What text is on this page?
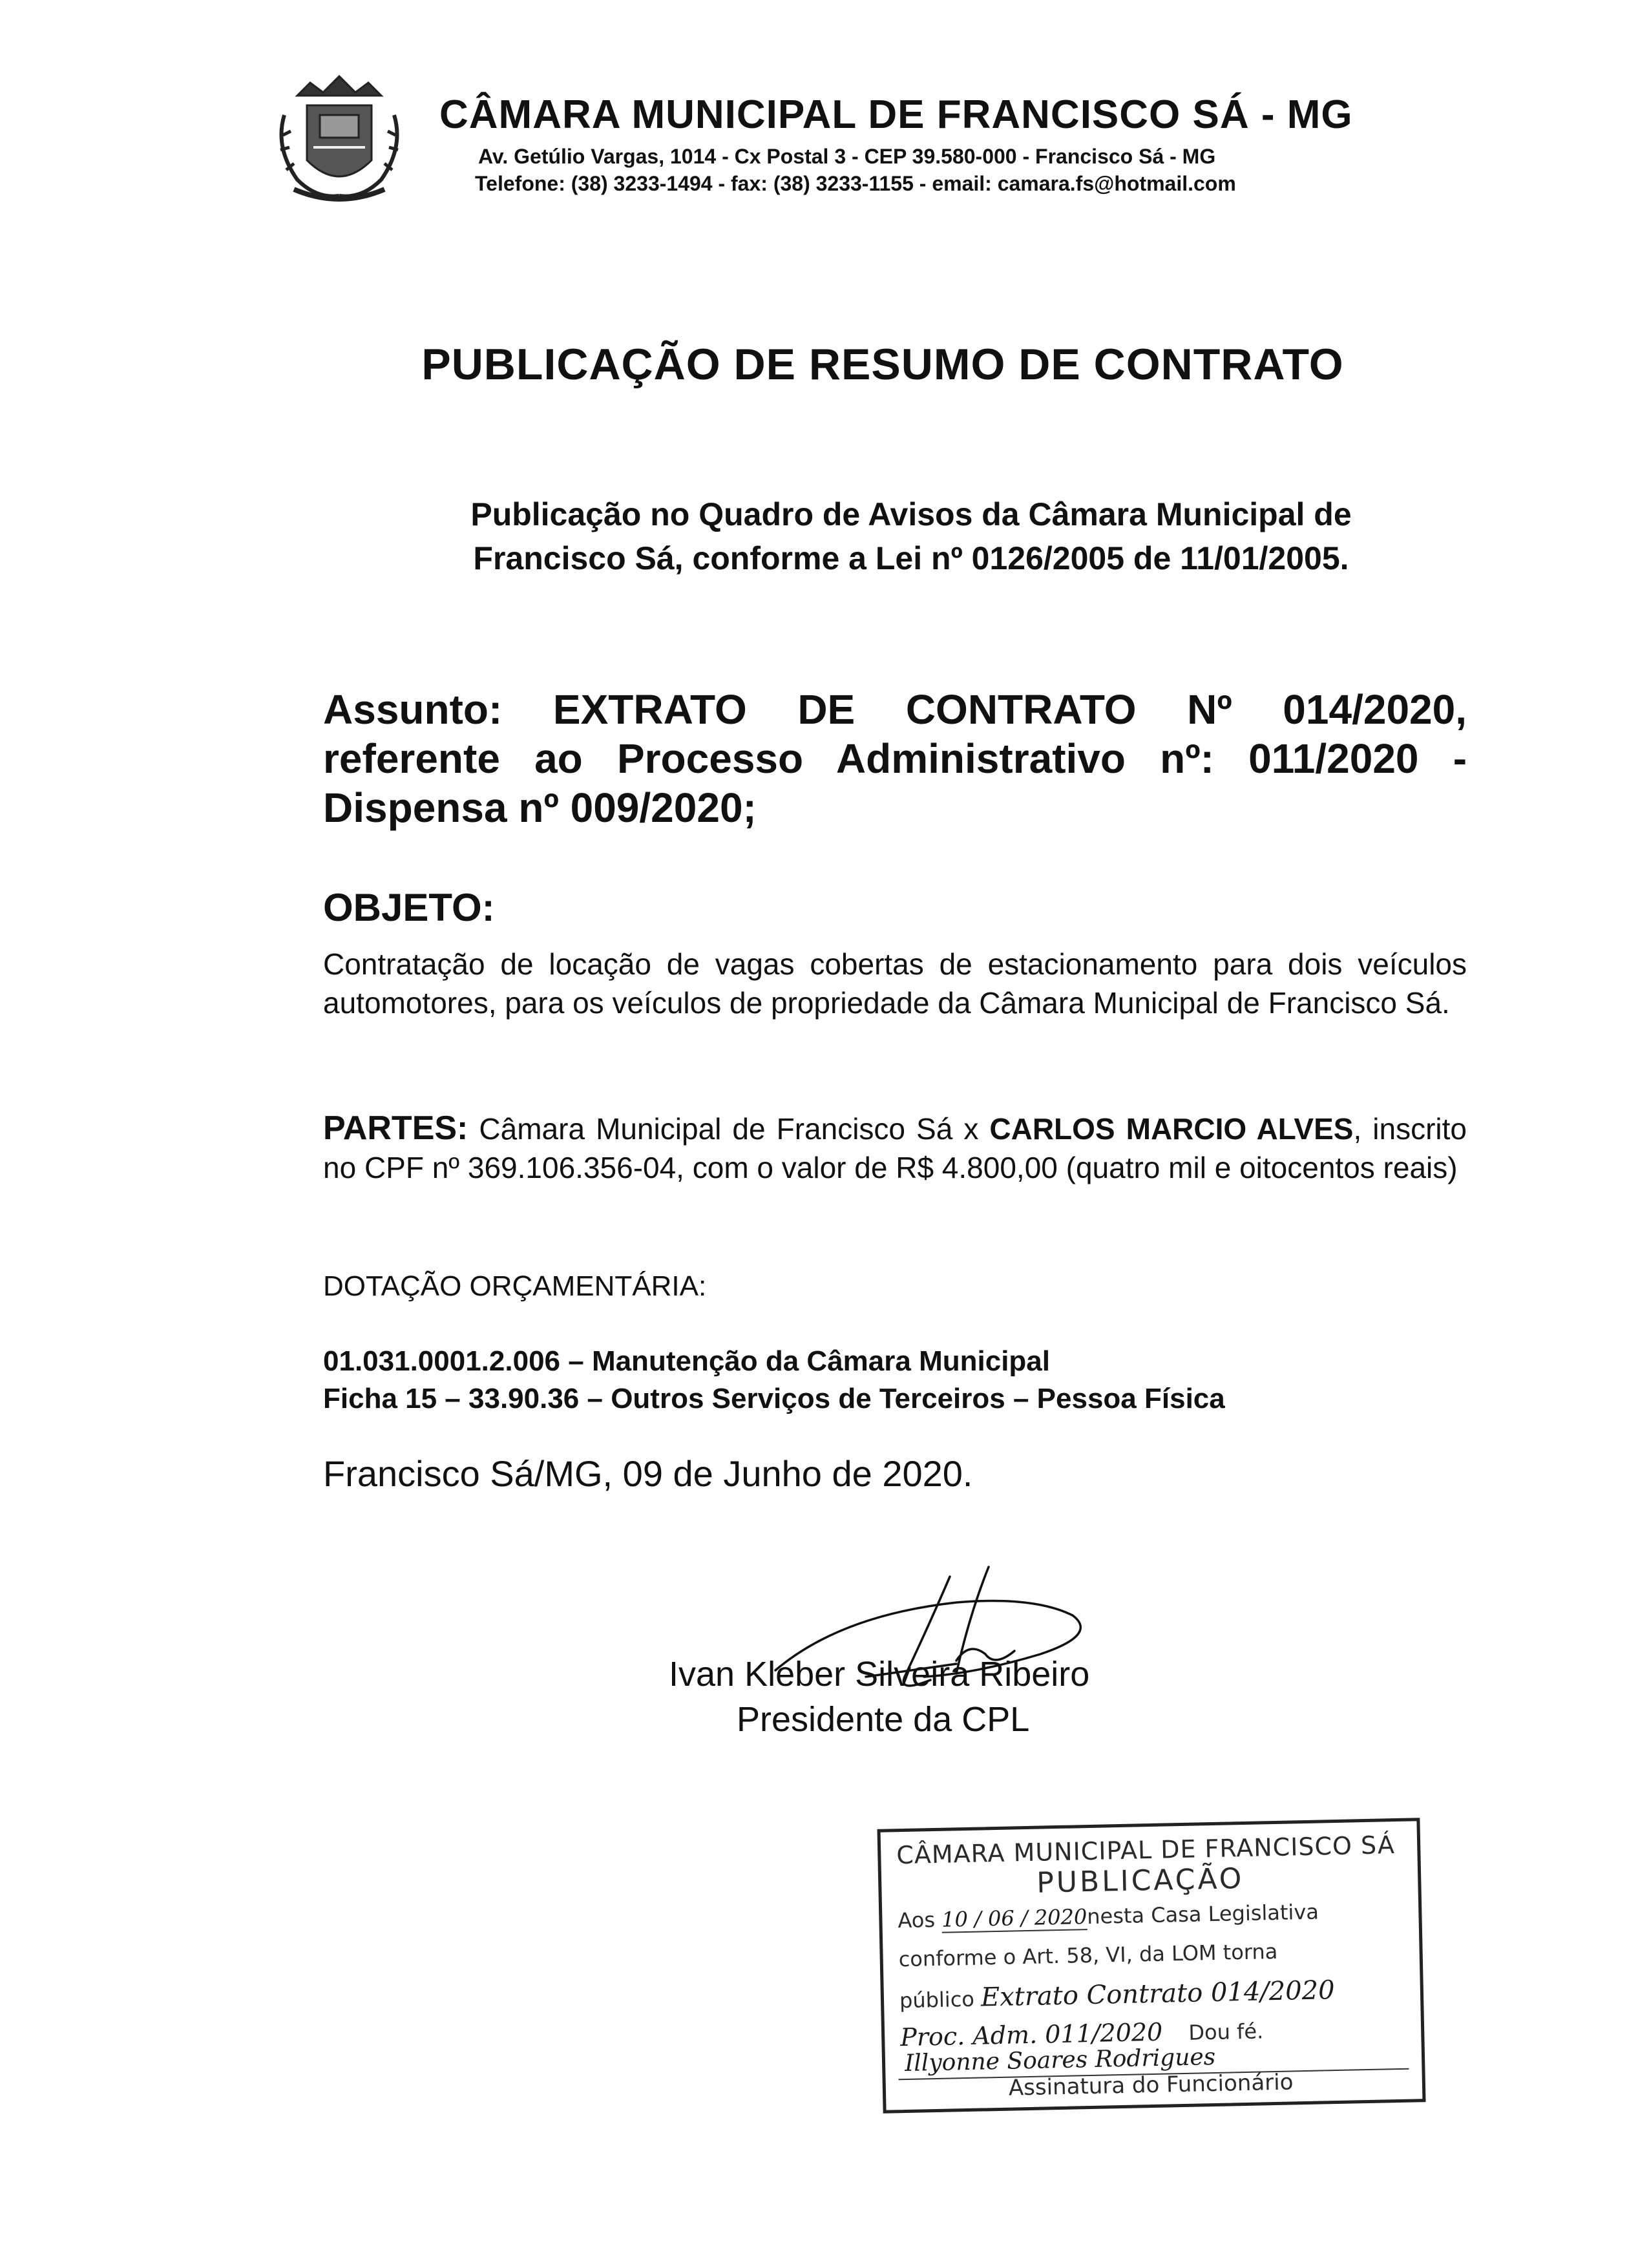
CÂMARA MUNICIPAL DE FRANCISCO SÁ - MG
Av. Getúlio Vargas, 1014 - Cx Postal 3 - CEP 39.580-000 - Francisco Sá - MG
Telefone: (38) 3233-1494 - fax: (38) 3233-1155 - email: camara.fs@hotmail.com
PUBLICAÇÃO DE RESUMO DE CONTRATO
Publicação no Quadro de Avisos da Câmara Municipal de
Francisco Sá, conforme a Lei nº 0126/2005 de 11/01/2005.
Assunto: EXTRATO DE CONTRATO Nº 014/2020,
referente ao Processo Administrativo nº: 011/2020 -
Dispensa nº 009/2020;
OBJETO:
Contratação de locação de vagas cobertas de estacionamento para dois veículos automotores, para os veículos de propriedade da Câmara Municipal de Francisco Sá.
PARTES: Câmara Municipal de Francisco Sá x CARLOS MARCIO ALVES, inscrito no CPF nº 369.106.356-04, com o valor de R$ 4.800,00 (quatro mil e oitocentos reais)
DOTAÇÃO ORÇAMENTÁRIA:
01.031.0001.2.006 – Manutenção da Câmara Municipal
Ficha 15 – 33.90.36 – Outros Serviços de Terceiros – Pessoa Física
Francisco Sá/MG, 09 de Junho de 2020.
Ivan Kleber Silveira Ribeiro
Presidente da CPL
CÂMARA MUNICIPAL DE FRANCISCO SÁ
PUBLICAÇÃO
Aos 10 / 06 / 2020nesta Casa Legislativa
conforme o Art. 58, VI, da LOM torna
público Extrato Contrato 014/2020
Proc. Adm. 011/2020 Dou fé.
Illyonne Soares Rodrigues
Assinatura do Funcionário
